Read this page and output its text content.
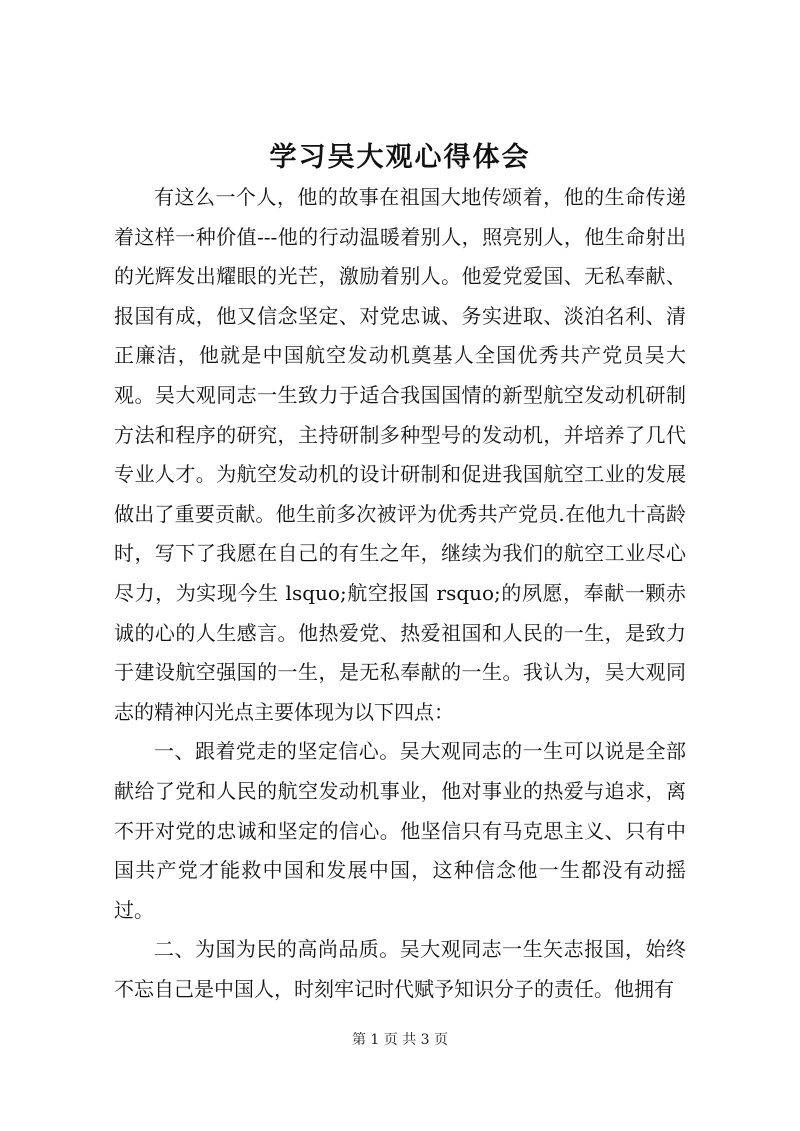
学习吴大观心得体会

有这么一个人，他的故事在祖国大地传颂着，他的生命传递着这样一种价值---他的行动温暖着别人，照亮别人，他生命射出的光辉发出耀眼的光芒，激励着别人。他爱党爱国、无私奉献、报国有成，他又信念坚定、对党忠诚、务实进取、淡泊名利、清正廉洁，他就是中国航空发动机奠基人全国优秀共产党员吴大观。吴大观同志一生致力于适合我国国情的新型航空发动机研制方法和程序的研究，主持研制多种型号的发动机，并培养了几代专业人才。为航空发动机的设计研制和促进我国航空工业的发展做出了重要贡献。他生前多次被评为优秀共产党员.在他九十高龄时，写下了我愿在自己的有生之年，继续为我们的航空工业尽心尽力，为实现今生 lsquo;航空报国 rsquo;的夙愿，奉献一颗赤诚的心的人生感言。他热爱党、热爱祖国和人民的一生，是致力于建设航空强国的一生，是无私奉献的一生。我认为，吴大观同志的精神闪光点主要体现为以下四点：

一、跟着党走的坚定信心。吴大观同志的一生可以说是全部献给了党和人民的航空发动机事业，他对事业的热爱与追求，离不开对党的忠诚和坚定的信心。他坚信只有马克思主义、只有中国共产党才能救中国和发展中国，这种信念他一生都没有动摇过。

二、为国为民的高尚品质。吴大观同志一生矢志报国，始终不忘自己是中国人，时刻牢记时代赋予知识分子的责任。他拥有

第 1 页 共 3 页
